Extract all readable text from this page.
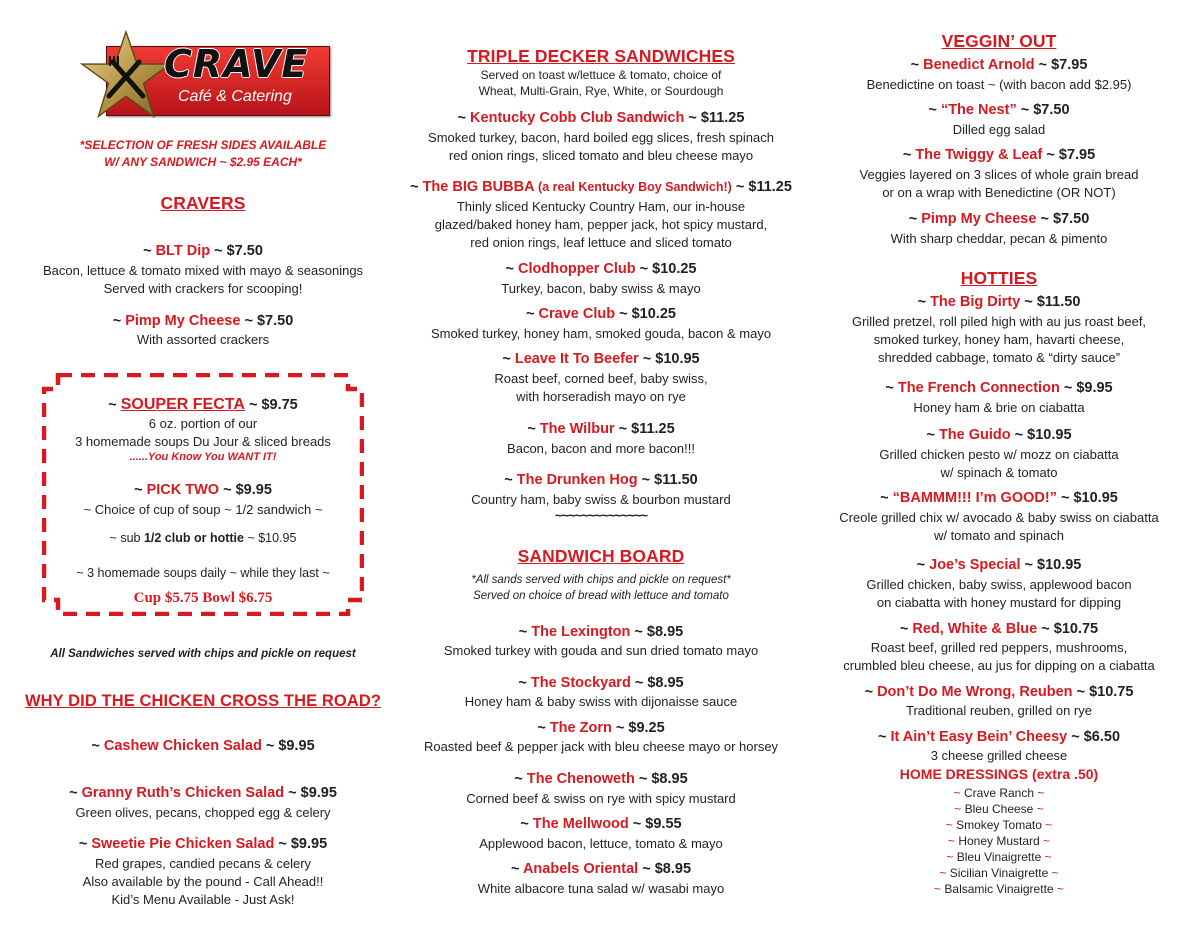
CRAVE
Café & Catering
*SELECTION OF FRESH SIDES AVAILABLE
W/ ANY SANDWICH ~ $2.95 EACH*
CRAVERS
~ BLT Dip ~ $7.50
Bacon, lettuce & tomato mixed with mayo & seasonings
Served with crackers for scooping!
~ Pimp My Cheese ~ $7.50
With assorted crackers
~ SOUPER FECTA ~ $9.75
6 oz. portion of our
3 homemade soups Du Jour & sliced breads
......You Know You WANT IT!
~ PICK TWO ~ $9.95
~ Choice of cup of soup ~ 1/2 sandwich ~
~ sub 1/2 club or hottie ~ $10.95
~ 3 homemade soups daily ~ while they last ~
Cup $5.75 Bowl $6.75
All Sandwiches served with chips and pickle on request
WHY DID THE CHICKEN CROSS THE ROAD?
~ Cashew Chicken Salad ~ $9.95
~ Granny Ruth’s Chicken Salad ~ $9.95
Green olives, pecans, chopped egg & celery
~ Sweetie Pie Chicken Salad ~ $9.95
Red grapes, candied pecans & celery
Also available by the pound - Call Ahead!!
Kid’s Menu Available - Just Ask!
TRIPLE DECKER SANDWICHES
Served on toast w/lettuce & tomato, choice of
Wheat, Multi-Grain, Rye, White, or Sourdough
~ Kentucky Cobb Club Sandwich ~ $11.25
Smoked turkey, bacon, hard boiled egg slices, fresh spinach
red onion rings, sliced tomato and bleu cheese mayo
~ The BIG BUBBA (a real Kentucky Boy Sandwich!) ~ $11.25
Thinly sliced Kentucky Country Ham, our in-house
glazed/baked honey ham, pepper jack, hot spicy mustard,
red onion rings, leaf lettuce and sliced tomato
~ Clodhopper Club ~ $10.25
Turkey, bacon, baby swiss & mayo
~ Crave Club ~ $10.25
Smoked turkey, honey ham, smoked gouda, bacon & mayo
~ Leave It To Beefer ~ $10.95
Roast beef, corned beef, baby swiss,
with horseradish mayo on rye
~ The Wilbur ~ $11.25
Bacon, bacon and more bacon!!!
~ The Drunken Hog ~ $11.50
Country ham, baby swiss & bourbon mustard
~~~~~~~~~~~~~~
SANDWICH BOARD
*All sands served with chips and pickle on request*
Served on choice of bread with lettuce and tomato
~ The Lexington ~ $8.95
Smoked turkey with gouda and sun dried tomato mayo
~ The Stockyard ~ $8.95
Honey ham & baby swiss with dijonaisse sauce
~ The Zorn ~ $9.25
Roasted beef & pepper jack with bleu cheese mayo or horsey
~ The Chenoweth ~ $8.95
Corned beef & swiss on rye with spicy mustard
~ The Mellwood ~ $9.55
Applewood bacon, lettuce, tomato & mayo
~ Anabels Oriental ~ $8.95
White albacore tuna salad w/ wasabi mayo
VEGGIN’ OUT
~ Benedict Arnold ~ $7.95
Benedictine on toast ~ (with bacon add $2.95)
~ “The Nest” ~ $7.50
Dilled egg salad
~ The Twiggy & Leaf ~ $7.95
Veggies layered on 3 slices of whole grain bread
or on a wrap with Benedictine (OR NOT)
~ Pimp My Cheese ~ $7.50
With sharp cheddar, pecan & pimento
HOTTIES
~ The Big Dirty ~ $11.50
Grilled pretzel, roll piled high with au jus roast beef,
smoked turkey, honey ham, havarti cheese,
shredded cabbage, tomato & “dirty sauce”
~ The French Connection ~ $9.95
Honey ham & brie on ciabatta
~ The Guido ~ $10.95
Grilled chicken pesto w/ mozz on ciabatta
w/ spinach & tomato
~ “BAMMM!!! I’m GOOD!” ~ $10.95
Creole grilled chix w/ avocado & baby swiss on ciabatta
w/ tomato and spinach
~ Joe’s Special ~ $10.95
Grilled chicken, baby swiss, applewood bacon
on ciabatta with honey mustard for dipping
~ Red, White & Blue ~ $10.75
Roast beef, grilled red peppers, mushrooms,
crumbled bleu cheese, au jus for dipping on a ciabatta
~ Don’t Do Me Wrong, Reuben ~ $10.75
Traditional reuben, grilled on rye
~ It Ain’t Easy Bein’ Cheesy ~ $6.50
3 cheese grilled cheese
HOME DRESSINGS (extra .50)
~ Crave Ranch ~
~ Bleu Cheese ~
~ Smokey Tomato ~
~ Honey Mustard ~
~ Bleu Vinaigrette ~
~ Sicilian Vinaigrette ~
~ Balsamic Vinaigrette ~
